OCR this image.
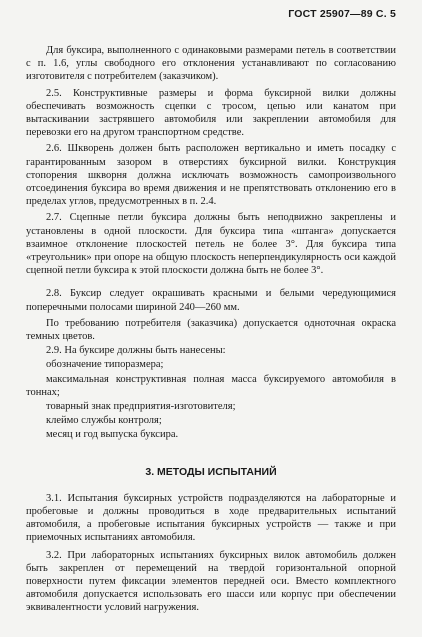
ГОСТ 25907—89 С. 5

Для буксира, выполненного с одинаковыми размерами петель в соответствии с п. 1.6, углы свободного его отклонения устанавливают по согласованию изготовителя с потребителем (заказчиком).

2.5. Конструктивные размеры и форма буксирной вилки должны обеспечивать возможность сцепки с тросом, цепью или канатом при вытаскивании застрявшего автомобиля или закреплении автомобиля для перевозки его на другом транспортном средстве.

2.6. Шкворень должен быть расположен вертикально и иметь посадку с гарантированным зазором в отверстиях буксирной вилки. Конструкция стопорения шкворня должна исключать возможность самопроизвольного отсоединения буксира во время движения и не препятствовать отклонению его в пределах углов, предусмотренных в п. 2.4.

2.7. Сцепные петли буксира должны быть неподвижно закреплены и установлены в одной плоскости. Для буксира типа «штанга» допускается взаимное отклонение плоскостей петель не более 3°. Для буксира типа «треугольник» при опоре на общую плоскость неперпендикулярность оси каждой сцепной петли буксира к этой плоскости должна быть не более 3°.

2.8. Буксир следует окрашивать красными и белыми чередующимися поперечными полосами шириной 240—260 мм.

По требованию потребителя (заказчика) допускается одноточная окраска темных цветов.

2.9. На буксире должны быть нанесены:

обозначение типоразмера;

максимальная конструктивная полная масса буксируемого автомобиля в тоннах;

товарный знак предприятия-изготовителя;

клеймо службы контроля;

месяц и год выпуска буксира.

3. МЕТОДЫ ИСПЫТАНИЙ

3.1. Испытания буксирных устройств подразделяются на лабораторные и пробеговые и должны проводиться в ходе предварительных испытаний автомобиля, а пробеговые испытания буксирных устройств — также и при приемочных испытаниях автомобиля.

3.2. При лабораторных испытаниях буксирных вилок автомобиль должен быть закреплен от перемещений на твердой горизонтальной опорной поверхности путем фиксации элементов передней оси. Вместо комплектного автомобиля допускается использовать его шасси или корпус при обеспечении эквивалентности условий нагружения.
